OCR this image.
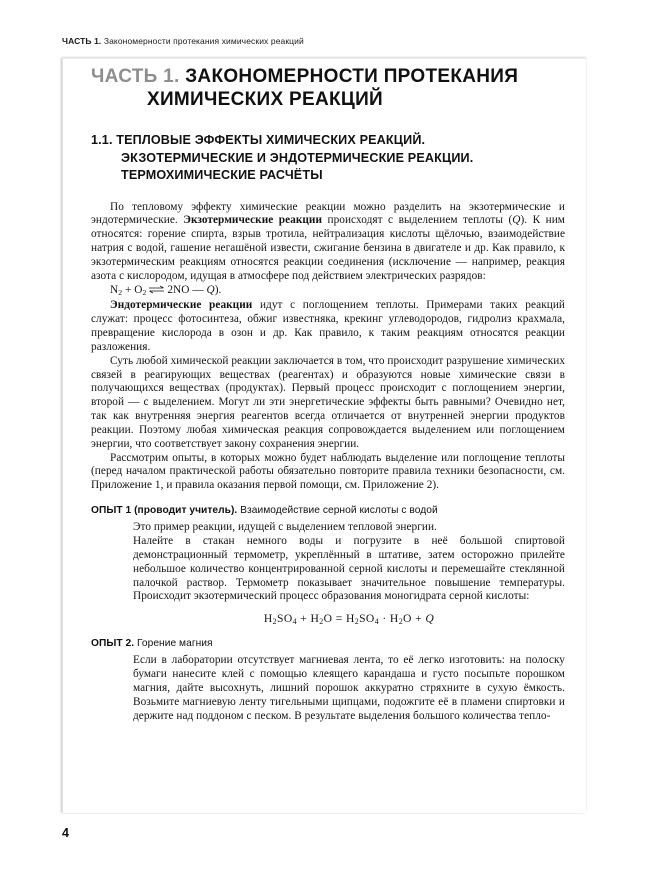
ЧАСТЬ 1. Закономерности протекания химических реакций
ЧАСТЬ 1. ЗАКОНОМЕРНОСТИ ПРОТЕКАНИЯ
ХИМИЧЕСКИХ РЕАКЦИЙ
1.1. ТЕПЛОВЫЕ ЭФФЕКТЫ ХИМИЧЕСКИХ РЕАКЦИЙ.
ЭКЗОТЕРМИЧЕСКИЕ И ЭНДОТЕРМИЧЕСКИЕ РЕАКЦИИ.
ТЕРМОХИМИЧЕСКИЕ РАСЧЁТЫ

По тепловому эффекту химические реакции можно разделить на экзотермические и эндотермические. Экзотермические реакции происходят с выделением теплоты (Q). К ним относятся: горение спирта, взрыв тротила, нейтрализация кислоты щёлочью, взаимодействие натрия с водой, гашение негашёной извести, сжигание бензина в двигателе и др. Как правило, к экзотермическим реакциям относятся реакции соединения (исключение — например, реакция азота с кислородом, идущая в атмосфере под действием электрических разрядов:

$N_2 + O_2$ ⇌ 2NO — Q).

Эндотермические реакции идут с поглощением теплоты. Примерами таких реакций служат: процесс фотосинтеза, обжиг известняка, крекинг углеводородов, гидролиз крахмала, превращение кислорода в озон и др. Как правило, к таким реакциям относятся реакции разложения.

Суть любой химической реакции заключается в том, что происходит разрушение химических связей в реагирующих веществах (реагентах) и образуются новые химические связи в получающихся веществах (продуктах). Первый процесс происходит с поглощением энергии, второй — с выделением. Могут ли эти энергетические эффекты быть равными? Очевидно нет, так как внутренняя энергия реагентов всегда отличается от внутренней энергии продуктов реакции. Поэтому любая химическая реакция сопровождается выделением или поглощением энергии, что соответствует закону сохранения энергии.

Рассмотрим опыты, в которых можно будет наблюдать выделение или поглощение теплоты (перед началом практической работы обязательно повторите правила техники безопасности, см. Приложение 1, и правила оказания первой помощи, см. Приложение 2).

ОПЫТ 1 (проводит учитель). Взаимодействие серной кислоты с водой

Это пример реакции, идущей с выделением тепловой энергии.

Налейте в стакан немного воды и погрузите в неё большой спиртовой демонстрационный термометр, укреплённый в штативе, затем осторожно прилейте небольшое количество концентрированной серной кислоты и перемешайте стеклянной палочкой раствор. Термометр показывает значительное повышение температуры. Происходит экзотермический процесс образования моногидрата серной кислоты:

$H_2SO_4 + H_2O = H_2SO_4 \cdot H_2O + Q$
ОПЫТ 2. Горение магния

Если в лаборатории отсутствует магниевая лента, то её легко изготовить: на полоску бумаги нанесите клей с помощью клеящего карандаша и густо посыпьте порошком магния, дайте высохнуть, лишний порошок аккуратно стряхните в сухую ёмкость. Возьмите магниевую ленту тигельными щипцами, подожгите её в пламени спиртовки и держите над поддоном с песком. В результате выделения большого количества тепло-

4
